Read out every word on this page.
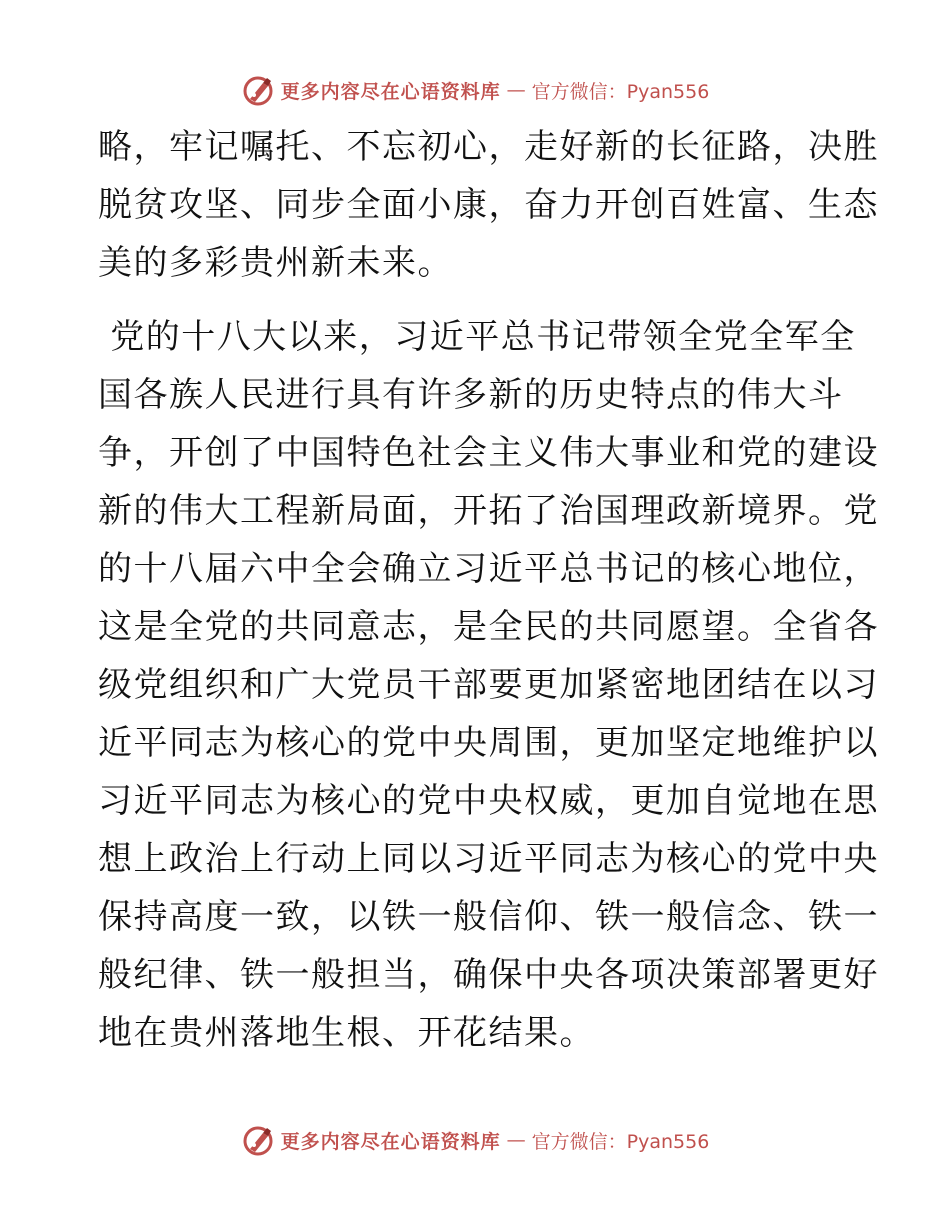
更多内容尽在心语资料库 — 官方微信：Pyan556
略，牢记嘱托、不忘初心，走好新的长征路，决胜
脱贫攻坚、同步全面小康，奋力开创百姓富、生态
美的多彩贵州新未来。
党的十八大以来，习近平总书记带领全党全军全
国各族人民进行具有许多新的历史特点的伟大斗
争，开创了中国特色社会主义伟大事业和党的建设
新的伟大工程新局面，开拓了治国理政新境界。党
的十八届六中全会确立习近平总书记的核心地位，
这是全党的共同意志，是全民的共同愿望。全省各
级党组织和广大党员干部要更加紧密地团结在以习
近平同志为核心的党中央周围，更加坚定地维护以
习近平同志为核心的党中央权威，更加自觉地在思
想上政治上行动上同以习近平同志为核心的党中央
保持高度一致，以铁一般信仰、铁一般信念、铁一
般纪律、铁一般担当，确保中央各项决策部署更好
地在贵州落地生根、开花结果。
更多内容尽在心语资料库 — 官方微信：Pyan556
